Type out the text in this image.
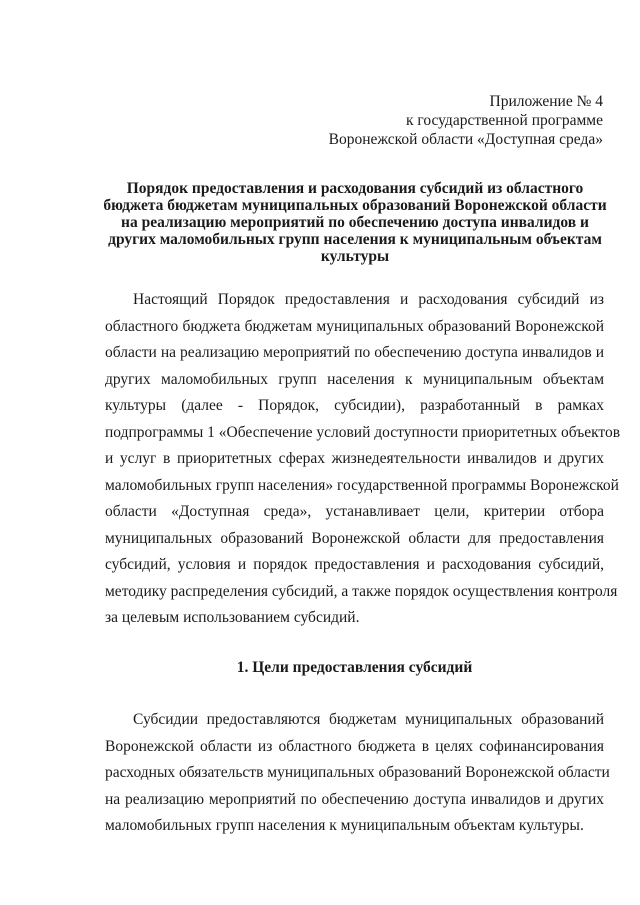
Приложение № 4
к государственной программе
Воронежской области «Доступная среда»
Порядок предоставления и расходования субсидий из областного
бюджета бюджетам муниципальных образований Воронежской области
на реализацию мероприятий по обеспечению доступа инвалидов и
других маломобильных групп населения к муниципальным объектам
культуры
Настоящий Порядок предоставления и расходования субсидий из
областного бюджета бюджетам муниципальных образований Воронежской
области на реализацию мероприятий по обеспечению доступа инвалидов и
других маломобильных групп населения к муниципальным объектам
культуры (далее - Порядок, субсидии), разработанный в рамках
подпрограммы 1 «Обеспечение условий доступности приоритетных объектов
и услуг в приоритетных сферах жизнедеятельности инвалидов и других
маломобильных групп населения» государственной программы Воронежской
области «Доступная среда», устанавливает цели, критерии отбора
муниципальных образований Воронежской области для предоставления
субсидий, условия и порядок предоставления и расходования субсидий,
методику распределения субсидий, а также порядок осуществления контроля
за целевым использованием субсидий.
1. Цели предоставления субсидий
Субсидии предоставляются бюджетам муниципальных образований
Воронежской области из областного бюджета в целях софинансирования
расходных обязательств муниципальных образований Воронежской области
на реализацию мероприятий по обеспечению доступа инвалидов и других
маломобильных групп населения к муниципальным объектам культуры.
